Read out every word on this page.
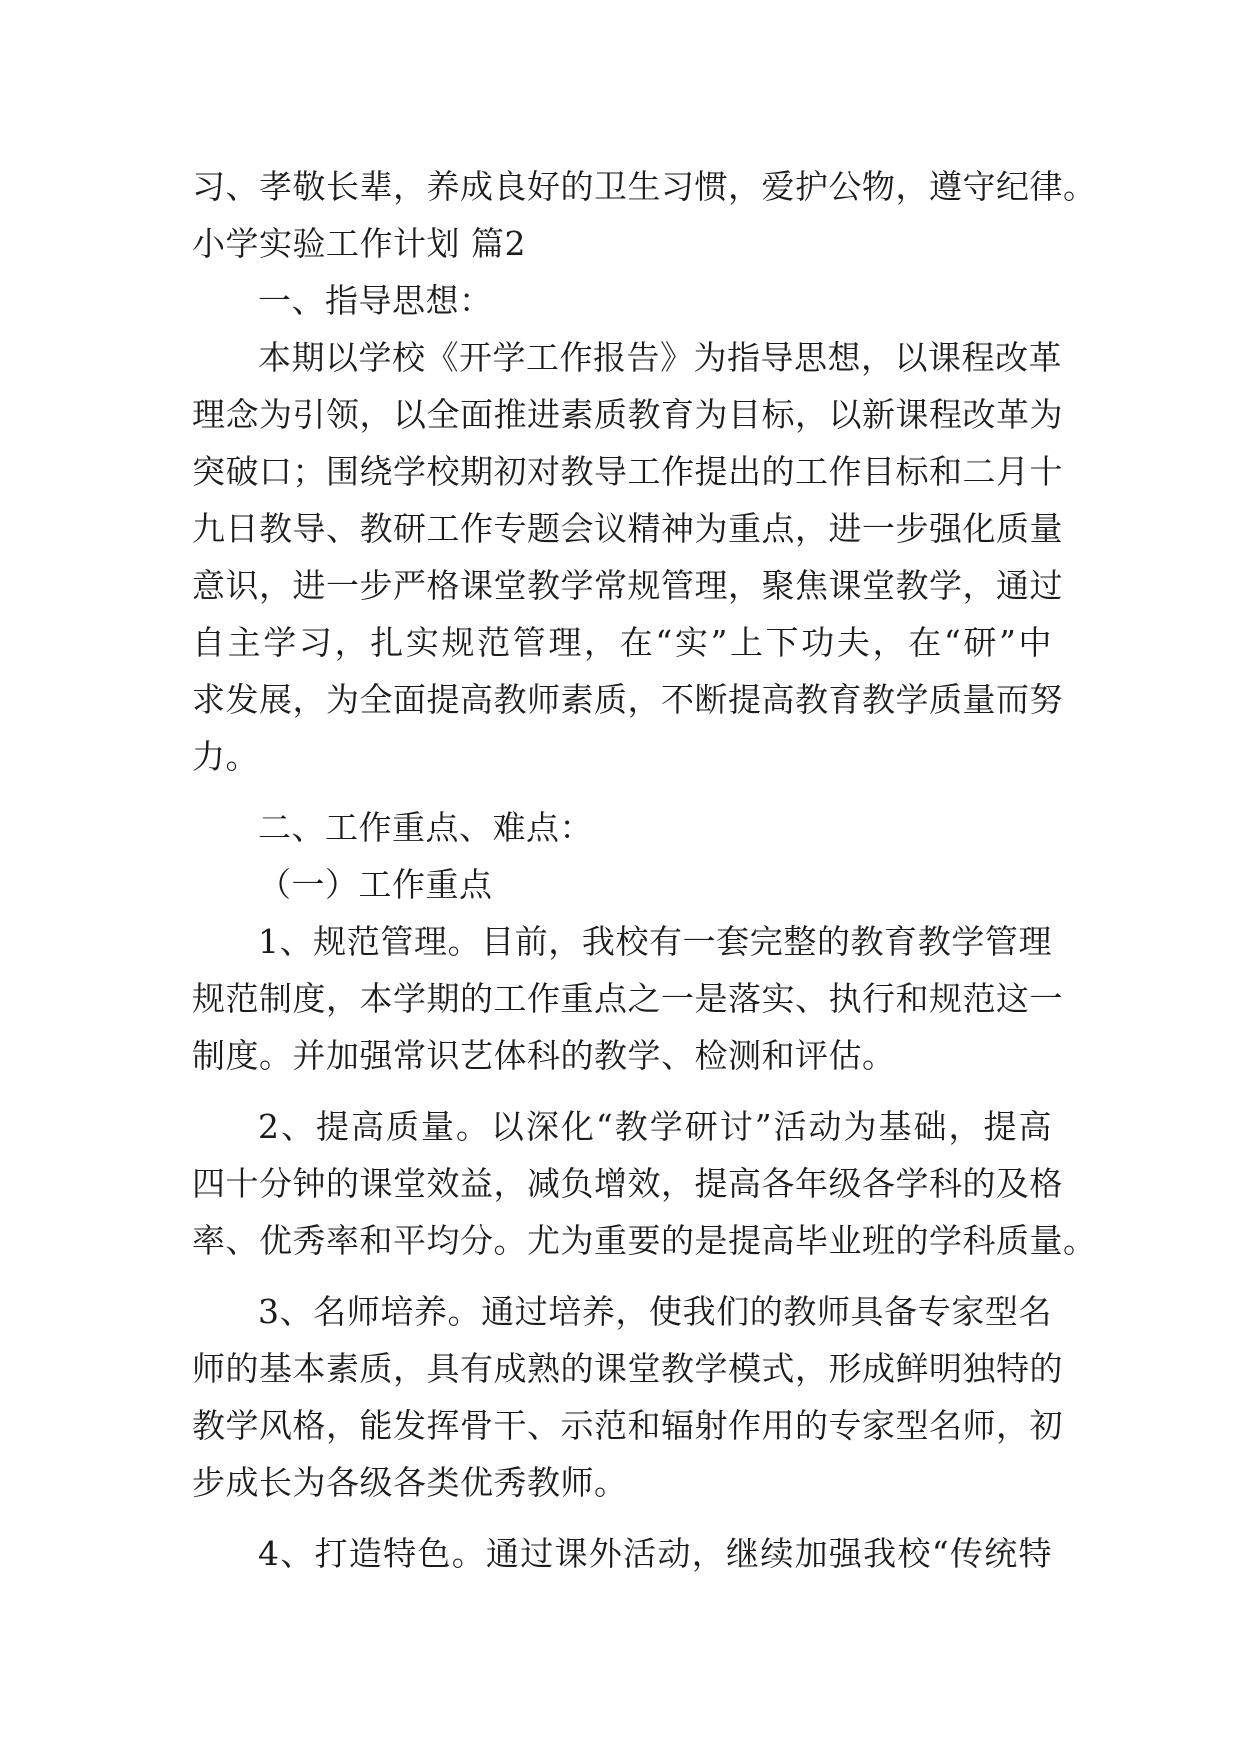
习、孝敬长辈，养成良好的卫生习惯，爱护公物，遵守纪律。
小学实验工作计划 篇2
一、指导思想：
本期以学校《开学工作报告》为指导思想，以课程改革
理念为引领，以全面推进素质教育为目标，以新课程改革为
突破口；围绕学校期初对教导工作提出的工作目标和二月十
九日教导、教研工作专题会议精神为重点，进一步强化质量
意识，进一步严格课堂教学常规管理，聚焦课堂教学，通过
自主学习，扎实规范管理，在“实”上下功夫，在“研”中
求发展，为全面提高教师素质，不断提高教育教学质量而努
力。
二、工作重点、难点：
（一）工作重点
1、规范管理。目前，我校有一套完整的教育教学管理
规范制度，本学期的工作重点之一是落实、执行和规范这一
制度。并加强常识艺体科的教学、检测和评估。
2、提高质量。以深化“教学研讨”活动为基础，提高
四十分钟的课堂效益，减负增效，提高各年级各学科的及格
率、优秀率和平均分。尤为重要的是提高毕业班的学科质量。
3、名师培养。通过培养，使我们的教师具备专家型名
师的基本素质，具有成熟的课堂教学模式，形成鲜明独特的
教学风格，能发挥骨干、示范和辐射作用的专家型名师，初
步成长为各级各类优秀教师。
4、打造特色。通过课外活动，继续加强我校“传统特
